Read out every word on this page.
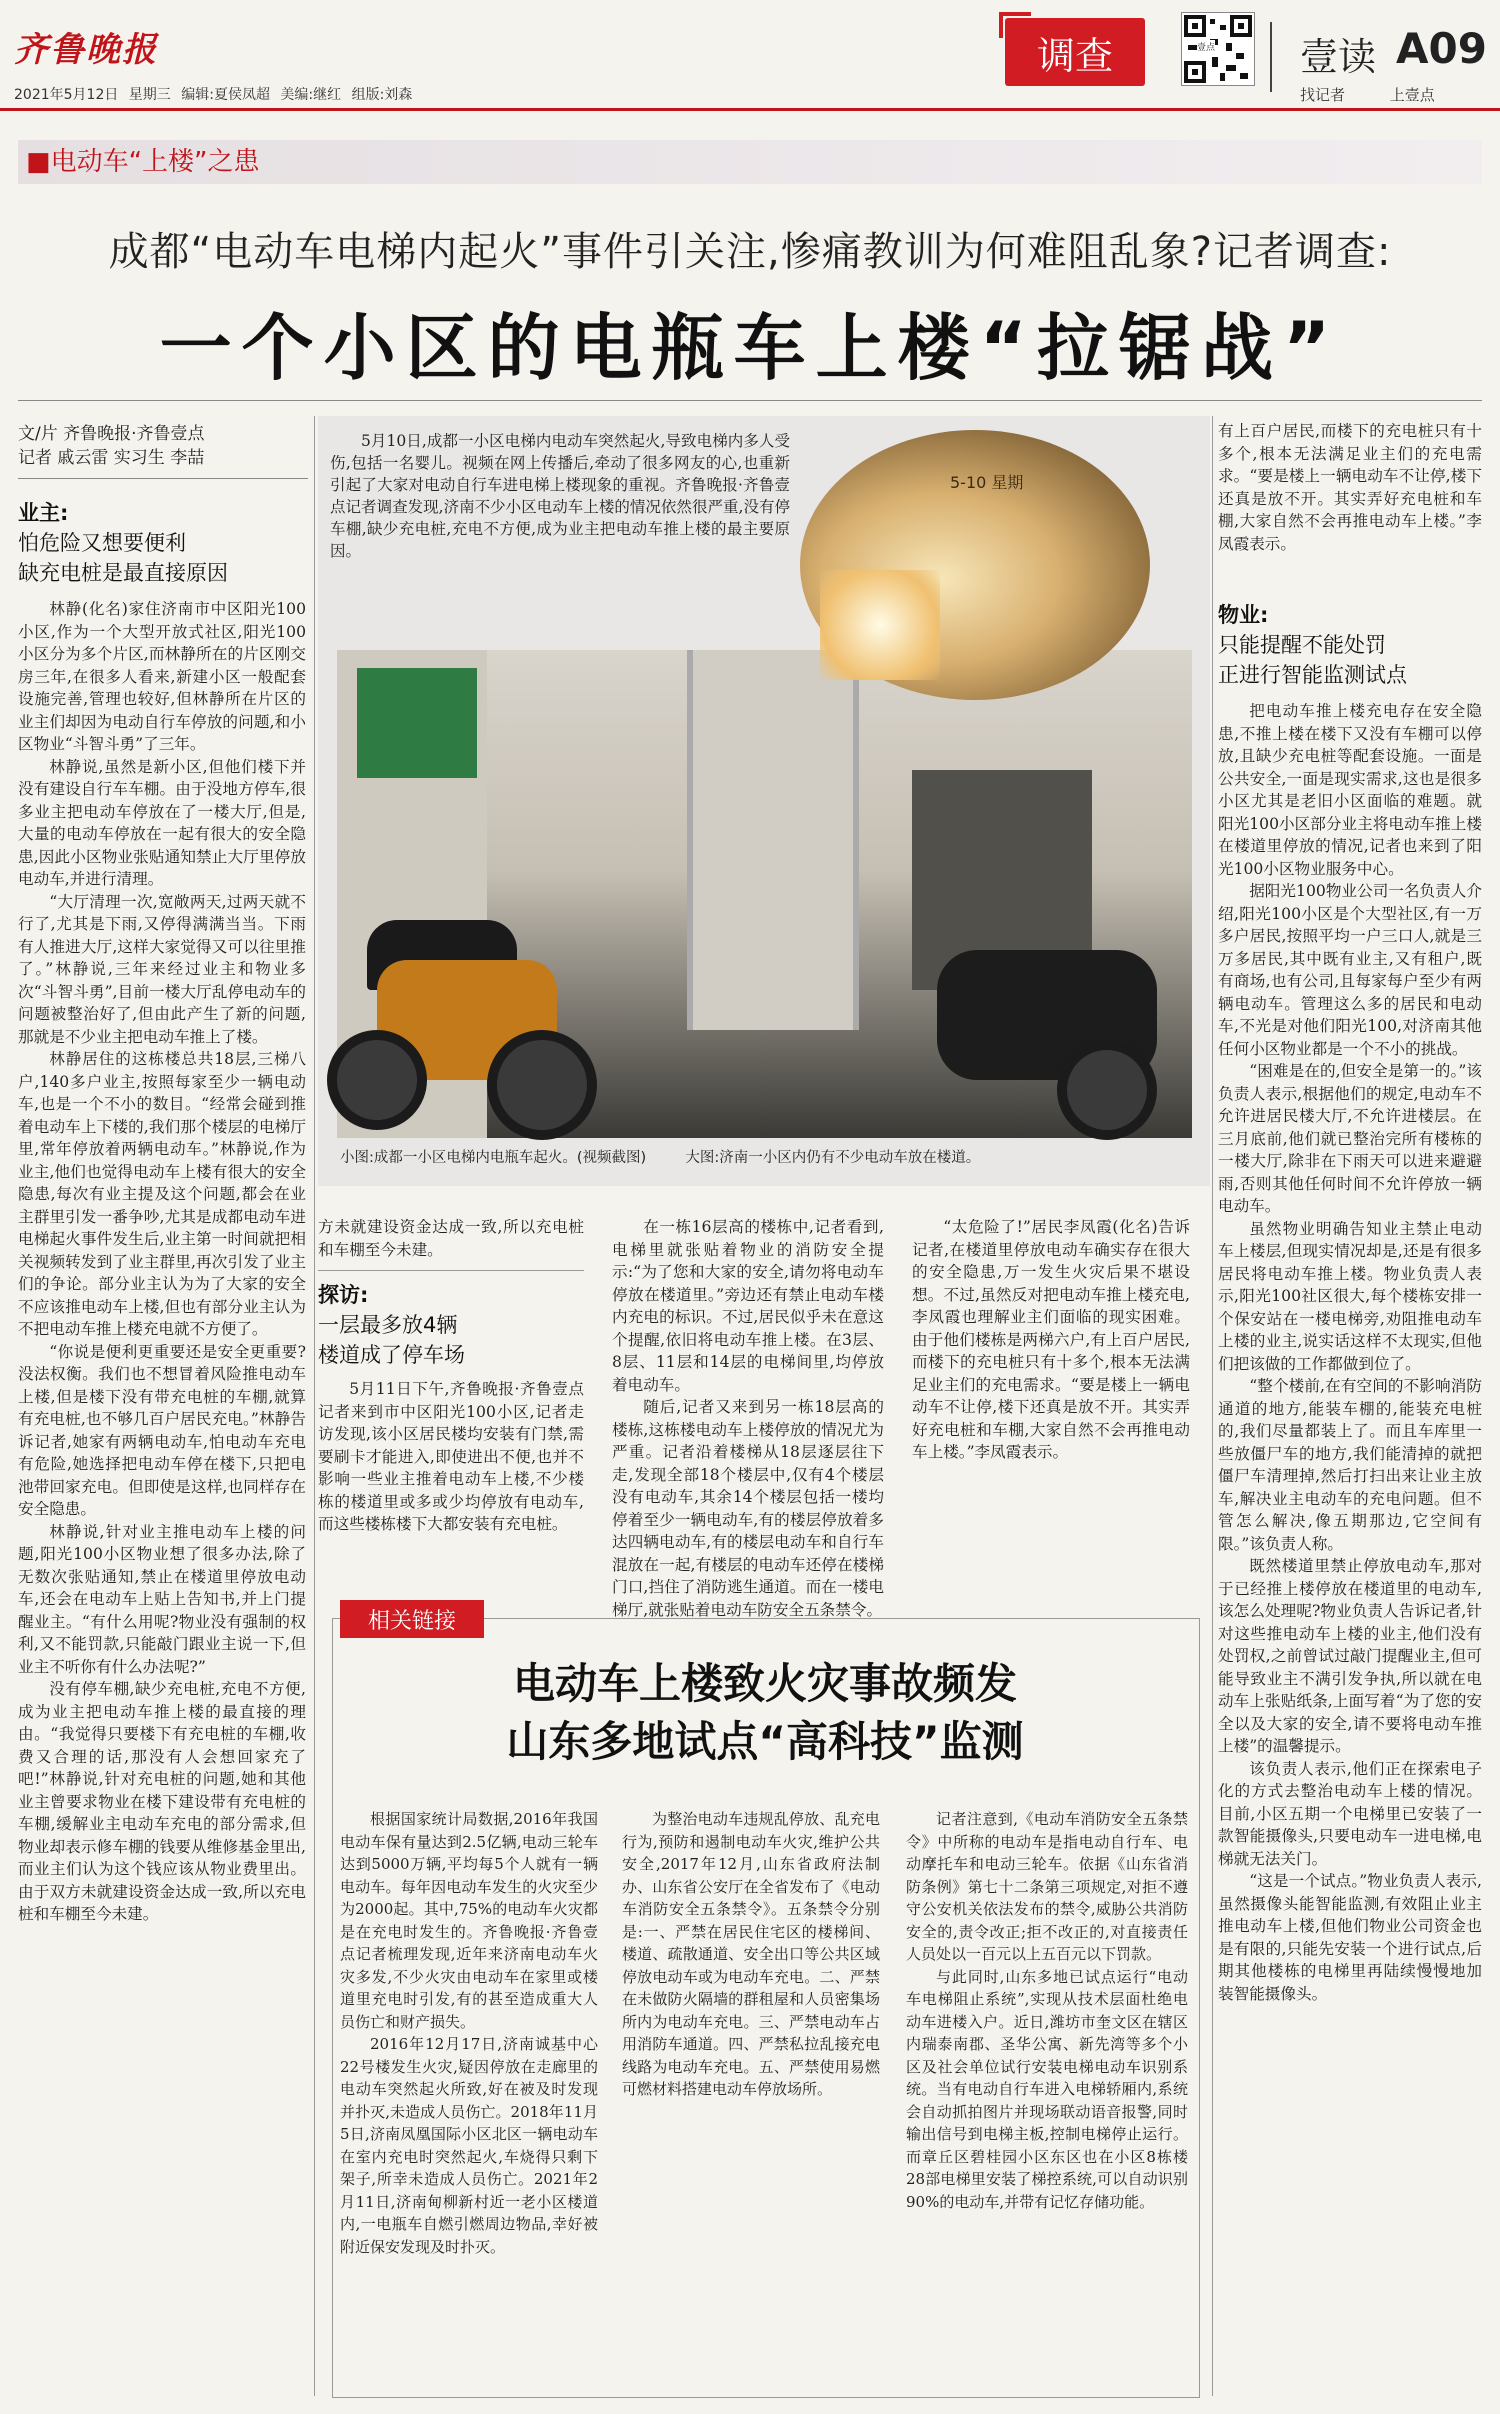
齐鲁晚报
2021年5月12日 星期三 编辑:夏侯凤超 美编:继红 组版:刘森
调查	壹点 壹读 A09
找记者 上壹点
■电动车“上楼”之患
成都“电动车电梯内起火”事件引关注,惨痛教训为何难阻乱象?记者调查:
一个小区的电瓶车上楼“拉锯战”
文/片 齐鲁晚报·齐鲁壹点
记者 戚云雷 实习生 李喆
业主:
怕危险又想要便利
缺充电桩是最直接原因

林静(化名)家住济南市中区阳光100小区,作为一个大型开放式社区,阳光100小区分为多个片区,而林静所在的片区刚交房三年,在很多人看来,新建小区一般配套设施完善,管理也较好,但林静所在片区的业主们却因为电动自行车停放的问题,和小区物业“斗智斗勇”了三年。

林静说,虽然是新小区,但他们楼下并没有建设自行车车棚。由于没地方停车,很多业主把电动车停放在了一楼大厅,但是,大量的电动车停放在一起有很大的安全隐患,因此小区物业张贴通知禁止大厅里停放电动车,并进行清理。

“大厅清理一次,宽敞两天,过两天就不行了,尤其是下雨,又停得满满当当。下雨有人推进大厅,这样大家觉得又可以往里推了。”林静说,三年来经过业主和物业多次“斗智斗勇”,目前一楼大厅乱停电动车的问题被整治好了,但由此产生了新的问题,那就是不少业主把电动车推上了楼。

林静居住的这栋楼总共18层,三梯八户,140多户业主,按照每家至少一辆电动车,也是一个不小的数目。“经常会碰到推着电动车上下楼的,我们那个楼层的电梯厅里,常年停放着两辆电动车。”林静说,作为业主,他们也觉得电动车上楼有很大的安全隐患,每次有业主提及这个问题,都会在业主群里引发一番争吵,尤其是成都电动车进电梯起火事件发生后,业主第一时间就把相关视频转发到了业主群里,再次引发了业主们的争论。部分业主认为为了大家的安全不应该推电动车上楼,但也有部分业主认为不把电动车推上楼充电就不方便了。

“你说是便利更重要还是安全更重要?没法权衡。我们也不想冒着风险推电动车上楼,但是楼下没有带充电桩的车棚,就算有充电桩,也不够几百户居民充电。”林静告诉记者,她家有两辆电动车,怕电动车充电有危险,她选择把电动车停在楼下,只把电池带回家充电。但即使是这样,也同样存在安全隐患。

林静说,针对业主推电动车上楼的问题,阳光100小区物业想了很多办法,除了无数次张贴通知,禁止在楼道里停放电动车,还会在电动车上贴上告知书,并上门提醒业主。“有什么用呢?物业没有强制的权利,又不能罚款,只能敲门跟业主说一下,但业主不听你有什么办法呢?”

没有停车棚,缺少充电桩,充电不方便,成为业主把电动车推上楼的最直接的理由。“我觉得只要楼下有充电桩的车棚,收费又合理的话,那没有人会想回家充了吧!”林静说,针对充电桩的问题,她和其他业主曾要求物业在楼下建设带有充电桩的车棚,缓解业主电动车充电的部分需求,但物业却表示修车棚的钱要从维修基金里出,而业主们认为这个钱应该从物业费里出。由于双方未就建设资金达成一致,所以充电桩和车棚至今未建。

5月10日,成都一小区电梯内电动车突然起火,导致电梯内多人受伤,包括一名婴儿。视频在网上传播后,牵动了很多网友的心,也重新引起了大家对电动自行车进电梯上楼现象的重视。齐鲁晚报·齐鲁壹点记者调查发现,济南不少小区电动车上楼的情况依然很严重,没有停车棚,缺少充电桩,充电不方便,成为业主把电动车推上楼的最主要原因。
5-10 星期
小图:成都一小区电梯内电瓶车起火。(视频截图)	大图:济南一小区内仍有不少电动车放在楼道。

方未就建设资金达成一致,所以充电桩和车棚至今未建。

探访:
一层最多放4辆
楼道成了停车场

5月11日下午,齐鲁晚报·齐鲁壹点记者来到市中区阳光100小区,记者走访发现,该小区居民楼均安装有门禁,需要刷卡才能进入,即使进出不便,也并不影响一些业主推着电动车上楼,不少楼栋的楼道里或多或少均停放有电动车,而这些楼栋楼下大都安装有充电桩。

在一栋16层高的楼栋中,记者看到,电梯里就张贴着物业的消防安全提示:“为了您和大家的安全,请勿将电动车停放在楼道里。”旁边还有禁止电动车楼内充电的标识。不过,居民似乎未在意这个提醒,依旧将电动车推上楼。在3层、8层、11层和14层的电梯间里,均停放着电动车。

随后,记者又来到另一栋18层高的楼栋,这栋楼电动车上楼停放的情况尤为严重。记者沿着楼梯从18层逐层往下走,发现全部18个楼层中,仅有4个楼层没有电动车,其余14个楼层包括一楼均停着至少一辆电动车,有的楼层停放着多达四辆电动车,有的楼层电动车和自行车混放在一起,有楼层的电动车还停在楼梯门口,挡住了消防逃生通道。而在一楼电梯厅,就张贴着电动车防安全五条禁令。

“太危险了!”居民李凤霞(化名)告诉记者,在楼道里停放电动车确实存在很大的安全隐患,万一发生火灾后果不堪设想。不过,虽然反对把电动车推上楼充电,李凤霞也理解业主们面临的现实困难。由于他们楼栋是两梯六户,有上百户居民,而楼下的充电桩只有十多个,根本无法满足业主们的充电需求。“要是楼上一辆电动车不让停,楼下还真是放不开。其实弄好充电桩和车棚,大家自然不会再推电动车上楼。”李凤霞表示。

有上百户居民,而楼下的充电桩只有十多个,根本无法满足业主们的充电需求。“要是楼上一辆电动车不让停,楼下还真是放不开。其实弄好充电桩和车棚,大家自然不会再推电动车上楼。”李凤霞表示。

物业:
只能提醒不能处罚
正进行智能监测试点

把电动车推上楼充电存在安全隐患,不推上楼在楼下又没有车棚可以停放,且缺少充电桩等配套设施。一面是公共安全,一面是现实需求,这也是很多小区尤其是老旧小区面临的难题。就阳光100小区部分业主将电动车推上楼在楼道里停放的情况,记者也来到了阳光100小区物业服务中心。

据阳光100物业公司一名负责人介绍,阳光100小区是个大型社区,有一万多户居民,按照平均一户三口人,就是三万多居民,其中既有业主,又有租户,既有商场,也有公司,且每家每户至少有两辆电动车。管理这么多的居民和电动车,不光是对他们阳光100,对济南其他任何小区物业都是一个不小的挑战。

“困难是在的,但安全是第一的。”该负责人表示,根据他们的规定,电动车不允许进居民楼大厅,不允许进楼层。在三月底前,他们就已整治完所有楼栋的一楼大厅,除非在下雨天可以进来避避雨,否则其他任何时间不允许停放一辆电动车。

虽然物业明确告知业主禁止电动车上楼层,但现实情况却是,还是有很多居民将电动车推上楼。物业负责人表示,阳光100社区很大,每个楼栋安排一个保安站在一楼电梯旁,劝阻推电动车上楼的业主,说实话这样不太现实,但他们把该做的工作都做到位了。

“整个楼前,在有空间的不影响消防通道的地方,能装车棚的,能装充电桩的,我们尽量都装上了。而且车库里一些放僵尸车的地方,我们能清掉的就把僵尸车清理掉,然后打扫出来让业主放车,解决业主电动车的充电问题。但不管怎么解决,像五期那边,它空间有限。”该负责人称。

既然楼道里禁止停放电动车,那对于已经推上楼停放在楼道里的电动车,该怎么处理呢?物业负责人告诉记者,针对这些推电动车上楼的业主,他们没有处罚权,之前曾试过敲门提醒业主,但可能导致业主不满引发争执,所以就在电动车上张贴纸条,上面写着“为了您的安全以及大家的安全,请不要将电动车推上楼”的温馨提示。

该负责人表示,他们正在探索电子化的方式去整治电动车上楼的情况。目前,小区五期一个电梯里已安装了一款智能摄像头,只要电动车一进电梯,电梯就无法关门。

“这是一个试点。”物业负责人表示,虽然摄像头能智能监测,有效阻止业主推电动车上楼,但他们物业公司资金也是有限的,只能先安装一个进行试点,后期其他楼栋的电梯里再陆续慢慢地加装智能摄像头。

相关链接
电动车上楼致火灾事故频发
山东多地试点“高科技”监测

根据国家统计局数据,2016年我国电动车保有量达到2.5亿辆,电动三轮车达到5000万辆,平均每5个人就有一辆电动车。每年因电动车发生的火灾至少为2000起。其中,75%的电动车火灾都是在充电时发生的。齐鲁晚报·齐鲁壹点记者梳理发现,近年来济南电动车火灾多发,不少火灾由电动车在家里或楼道里充电时引发,有的甚至造成重大人员伤亡和财产损失。

2016年12月17日,济南诚基中心22号楼发生火灾,疑因停放在走廊里的电动车突然起火所致,好在被及时发现并扑灭,未造成人员伤亡。2018年11月5日,济南凤凰国际小区北区一辆电动车在室内充电时突然起火,车烧得只剩下架子,所幸未造成人员伤亡。2021年2月11日,济南甸柳新村近一老小区楼道内,一电瓶车自燃引燃周边物品,幸好被附近保安发现及时扑灭。

为整治电动车违规乱停放、乱充电行为,预防和遏制电动车火灾,维护公共安全,2017年12月,山东省政府法制办、山东省公安厅在全省发布了《电动车消防安全五条禁令》。五条禁令分别是:一、严禁在居民住宅区的楼梯间、楼道、疏散通道、安全出口等公共区域停放电动车或为电动车充电。二、严禁在未做防火隔墙的群租屋和人员密集场所内为电动车充电。三、严禁电动车占用消防车通道。四、严禁私拉乱接充电线路为电动车充电。五、严禁使用易燃可燃材料搭建电动车停放场所。

记者注意到,《电动车消防安全五条禁令》中所称的电动车是指电动自行车、电动摩托车和电动三轮车。依据《山东省消防条例》第七十二条第三项规定,对拒不遵守公安机关依法发布的禁令,威胁公共消防安全的,责令改正;拒不改正的,对直接责任人员处以一百元以上五百元以下罚款。

与此同时,山东多地已试点运行“电动车电梯阻止系统”,实现从技术层面杜绝电动车进楼入户。近日,潍坊市奎文区在辖区内瑞泰南郡、圣华公寓、新先湾等多个小区及社会单位试行安装电梯电动车识别系统。当有电动自行车进入电梯轿厢内,系统会自动抓拍图片并现场联动语音报警,同时输出信号到电梯主板,控制电梯停止运行。而章丘区碧桂园小区东区也在小区8栋楼28部电梯里安装了梯控系统,可以自动识别90%的电动车,并带有记忆存储功能。
